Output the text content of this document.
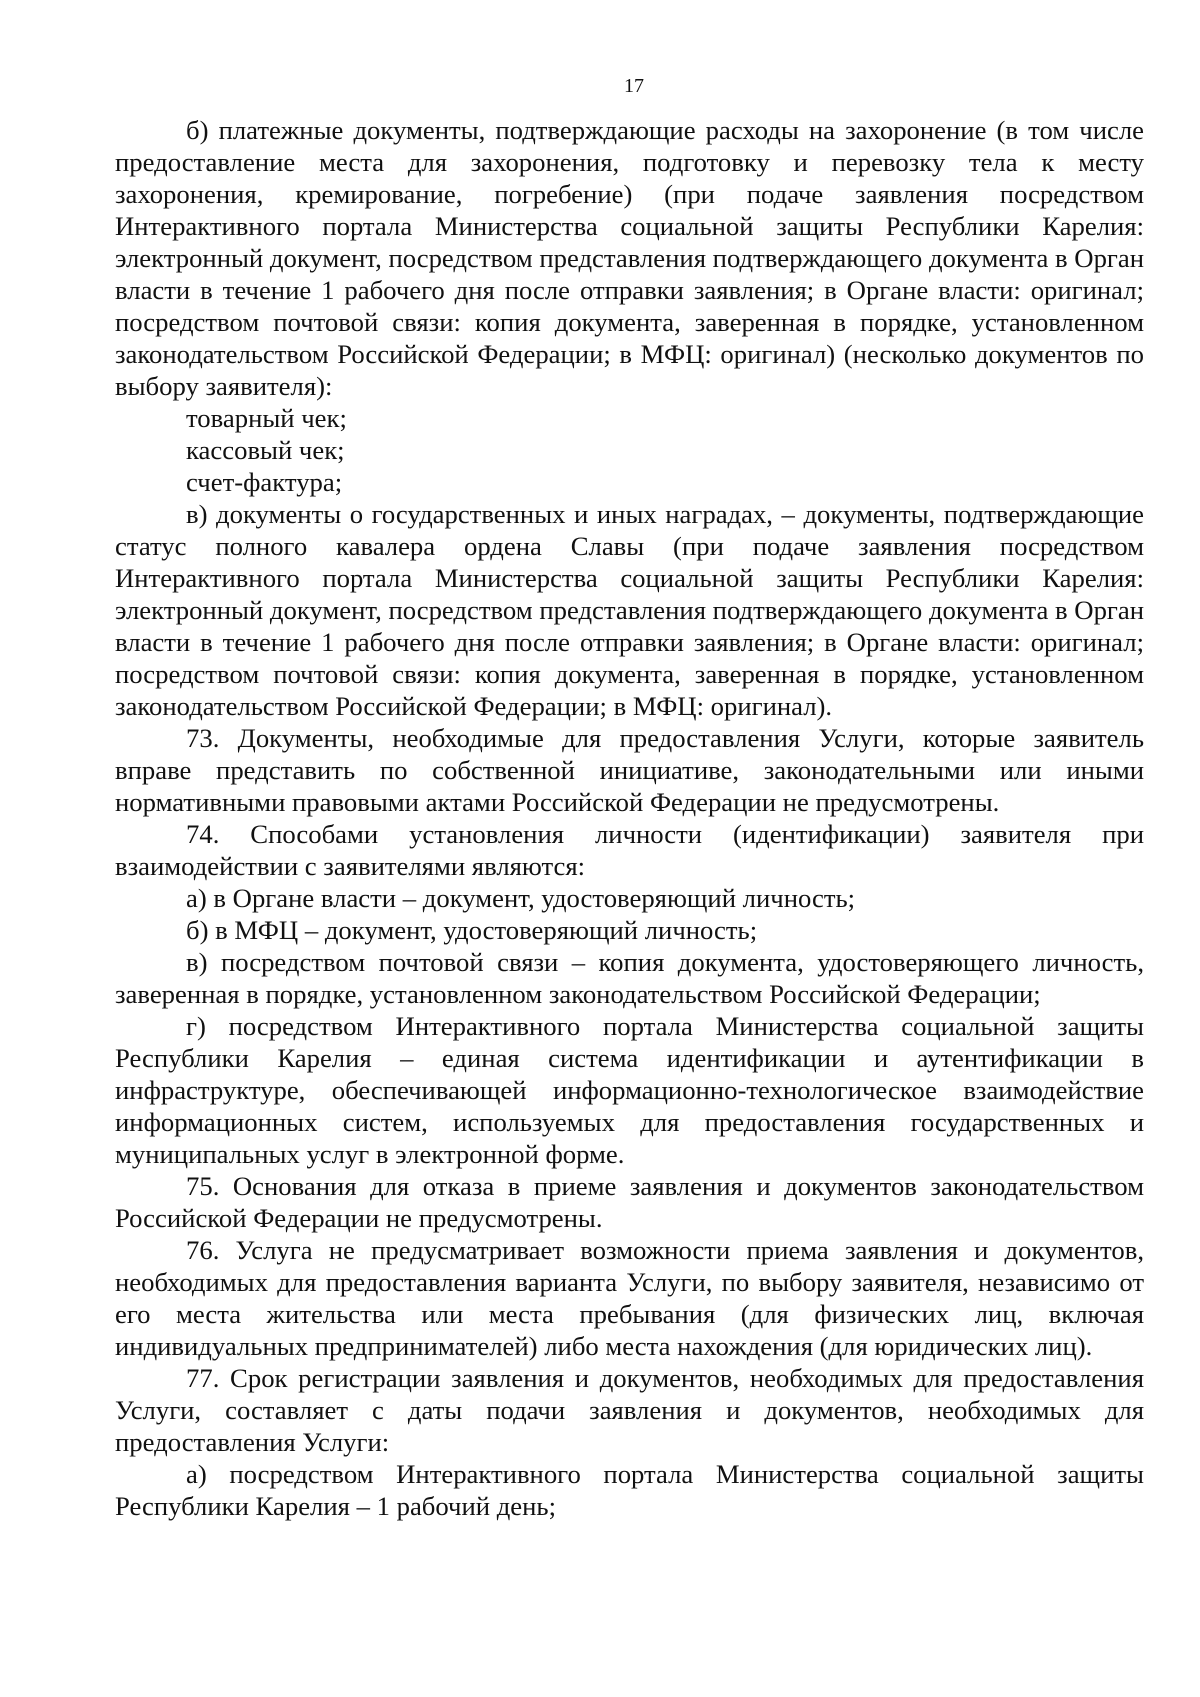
17

б) платежные документы, подтверждающие расходы на захоронение (в том числе предоставление места для захоронения, подготовку и перевозку тела к месту захоронения, кремирование, погребение) (при подаче заявления посредством Интерактивного портала Министерства социальной защиты Республики Карелия: электронный документ, посредством представления подтверждающего документа в Орган власти в течение 1 рабочего дня после отправки заявления; в Органе власти: оригинал; посредством почтовой связи: копия документа, заверенная в порядке, установленном законодательством Российской Федерации; в МФЦ: оригинал) (несколько документов по выбору заявителя):

товарный чек;

кассовый чек;

счет-фактура;

в) документы о государственных и иных наградах, – документы, подтверждающие статус полного кавалера ордена Славы (при подаче заявления посредством Интерактивного портала Министерства социальной защиты Республики Карелия: электронный документ, посредством представления подтверждающего документа в Орган власти в течение 1 рабочего дня после отправки заявления; в Органе власти: оригинал; посредством почтовой связи: копия документа, заверенная в порядке, установленном законодательством Российской Федерации; в МФЦ: оригинал).

73. Документы, необходимые для предоставления Услуги, которые заявитель вправе представить по собственной инициативе, законодательными или иными нормативными правовыми актами Российской Федерации не предусмотрены.

74. Способами установления личности (идентификации) заявителя при взаимодействии с заявителями являются:

а) в Органе власти – документ, удостоверяющий личность;

б) в МФЦ – документ, удостоверяющий личность;

в) посредством почтовой связи – копия документа, удостоверяющего личность, заверенная в порядке, установленном законодательством Российской Федерации;

г) посредством Интерактивного портала Министерства социальной защиты Республики Карелия – единая система идентификации и аутентификации в инфраструктуре, обеспечивающей информационно-технологическое взаимодействие информационных систем, используемых для предоставления государственных и муниципальных услуг в электронной форме.

75. Основания для отказа в приеме заявления и документов законодательством Российской Федерации не предусмотрены.

76. Услуга не предусматривает возможности приема заявления и документов, необходимых для предоставления варианта Услуги, по выбору заявителя, независимо от его места жительства или места пребывания (для физических лиц, включая индивидуальных предпринимателей) либо места нахождения (для юридических лиц).

77. Срок регистрации заявления и документов, необходимых для предоставления Услуги, составляет с даты подачи заявления и документов, необходимых для предоставления Услуги:

а) посредством Интерактивного портала Министерства социальной защиты Республики Карелия – 1 рабочий день;
